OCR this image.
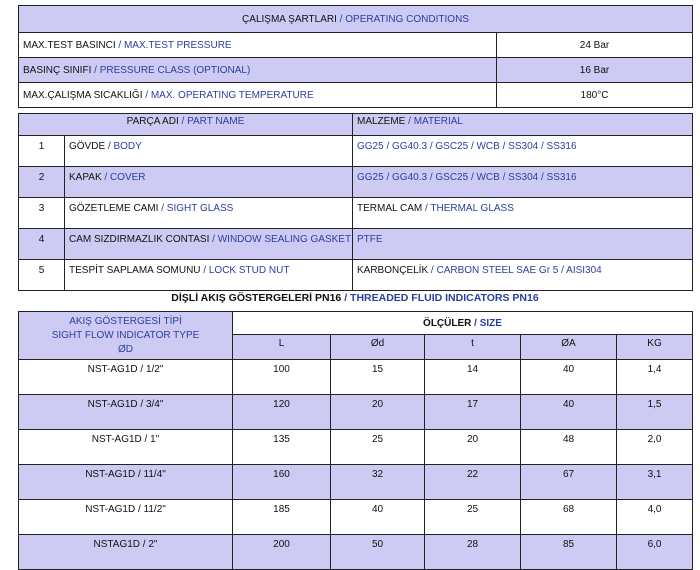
ÇALIŞMA ŞARTLARI / OPERATING CONDITIONS	
MAX.TEST BASINCI / MAX.TEST PRESSURE	24 Bar
BASINÇ SINIFI / PRESSURE CLASS (OPTIONAL)	16 Bar
MAX.ÇALIŞMA SICAKLIĞI / MAX. OPERATING TEMPERATURE	180°C
PARÇA ADI / PART NAME		MALZEME / MATERIAL
1	GÖVDE / BODY	GG25 / GG40.3 / GSC25 / WCB / SS304 / SS316
2	KAPAK / COVER	GG25 / GG40.3 / GSC25 / WCB / SS304 / SS316
3	GÖZETLEME CAMI / SIGHT GLASS	TERMAL CAM / THERMAL GLASS
4	CAM SIZDIRMAZLIK CONTASI / WINDOW SEALING GASKET	PTFE
5	TESPİT SAPLAMA SOMUNU / LOCK STUD NUT	KARBONÇELİK / CARBON STEEL SAE Gr 5 / AISI304
DİŞLİ AKIŞ GÖSTERGELERİ PN16 / THREADED FLUID INDICATORS PN16
AKIŞ GÖSTERGESİ TİPİ
SIGHT FLOW INDICATOR TYPE
ØD	ÖLÇÜLER / SIZE				
	L	Ød	t	ØA	KG
NST-AG1D / 1/2"	100	15	14	40	1,4
NST-AG1D / 3/4"	120	20	17	40	1,5
NST-AG1D / 1"	135	25	20	48	2,0
NST-AG1D / 11/4"	160	32	22	67	3,1
NST-AG1D / 11/2"	185	40	25	68	4,0
NSTAG1D / 2"	200	50	28	85	6,0
